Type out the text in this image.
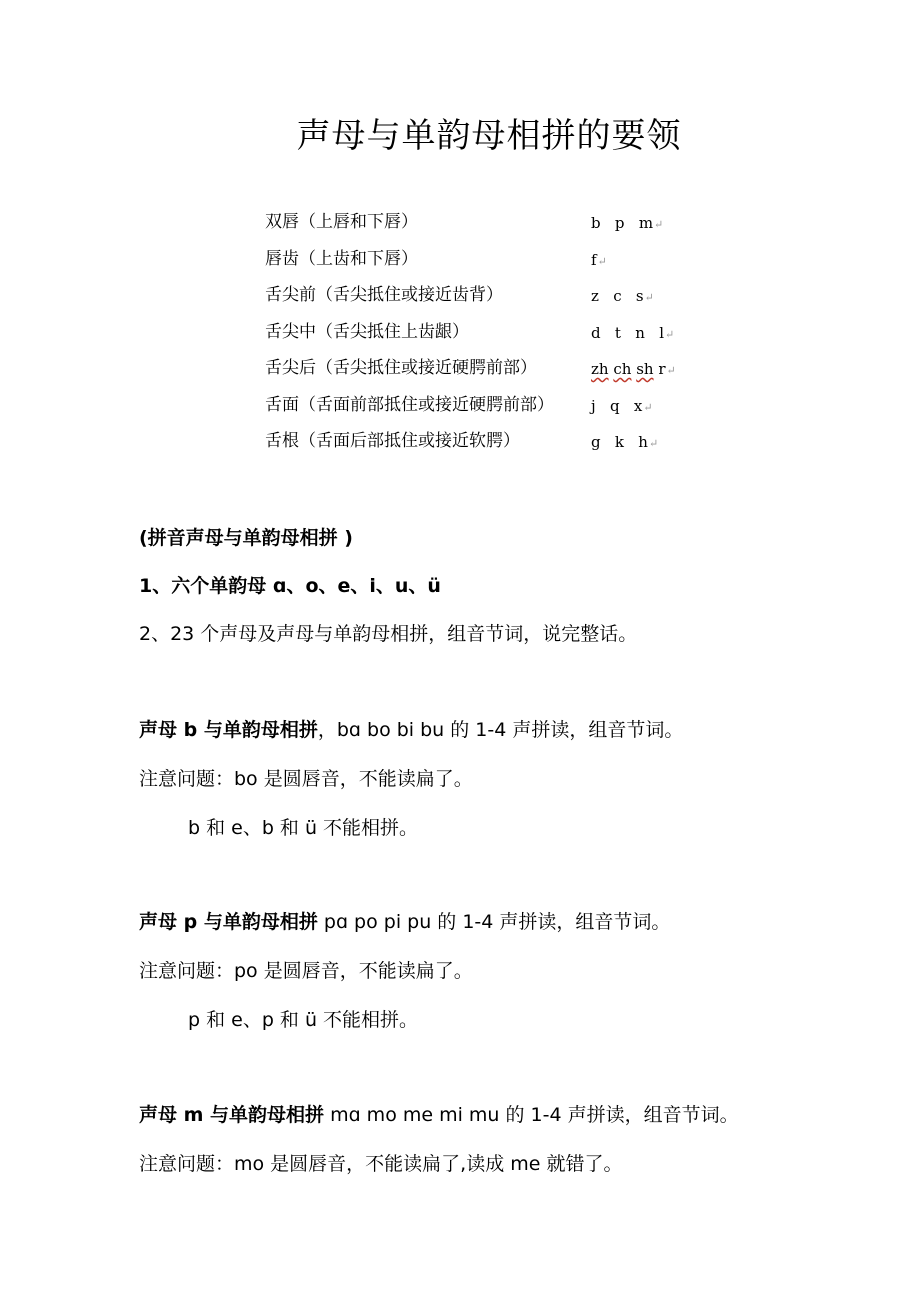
声母与单韵母相拼的要领
双唇（上唇和下唇）	b   p   m↵
唇齿（上齿和下唇）	f↵
舌尖前（舌尖抵住或接近齿背）	z   c   s↵
舌尖中（舌尖抵住上齿龈）	d   t   n   l↵
舌尖后（舌尖抵住或接近硬腭前部）	zh ch sh r↵
舌面（舌面前部抵住或接近硬腭前部） j   q   x↵
舌根（舌面后部抵住或接近软腭）	g   k   h↵
(拼音声母与单韵母相拼 )
1、六个单韵母 ɑ、o、e、i、u、ü
2、23 个声母及声母与单韵母相拼，组音节词，说完整话。
声母 b 与单韵母相拼，bɑ bo bi bu 的 1-4 声拼读，组音节词。
注意问题：bo 是圆唇音，不能读扁了。
b 和 e、b 和 ü 不能相拼。
声母 p 与单韵母相拼 pɑ po pi pu 的 1-4 声拼读，组音节词。
注意问题：po 是圆唇音，不能读扁了。
p 和 e、p 和 ü 不能相拼。
声母 m 与单韵母相拼 mɑ mo me mi mu 的 1-4 声拼读，组音节词。
注意问题：mo 是圆唇音，不能读扁了,读成 me 就错了。
